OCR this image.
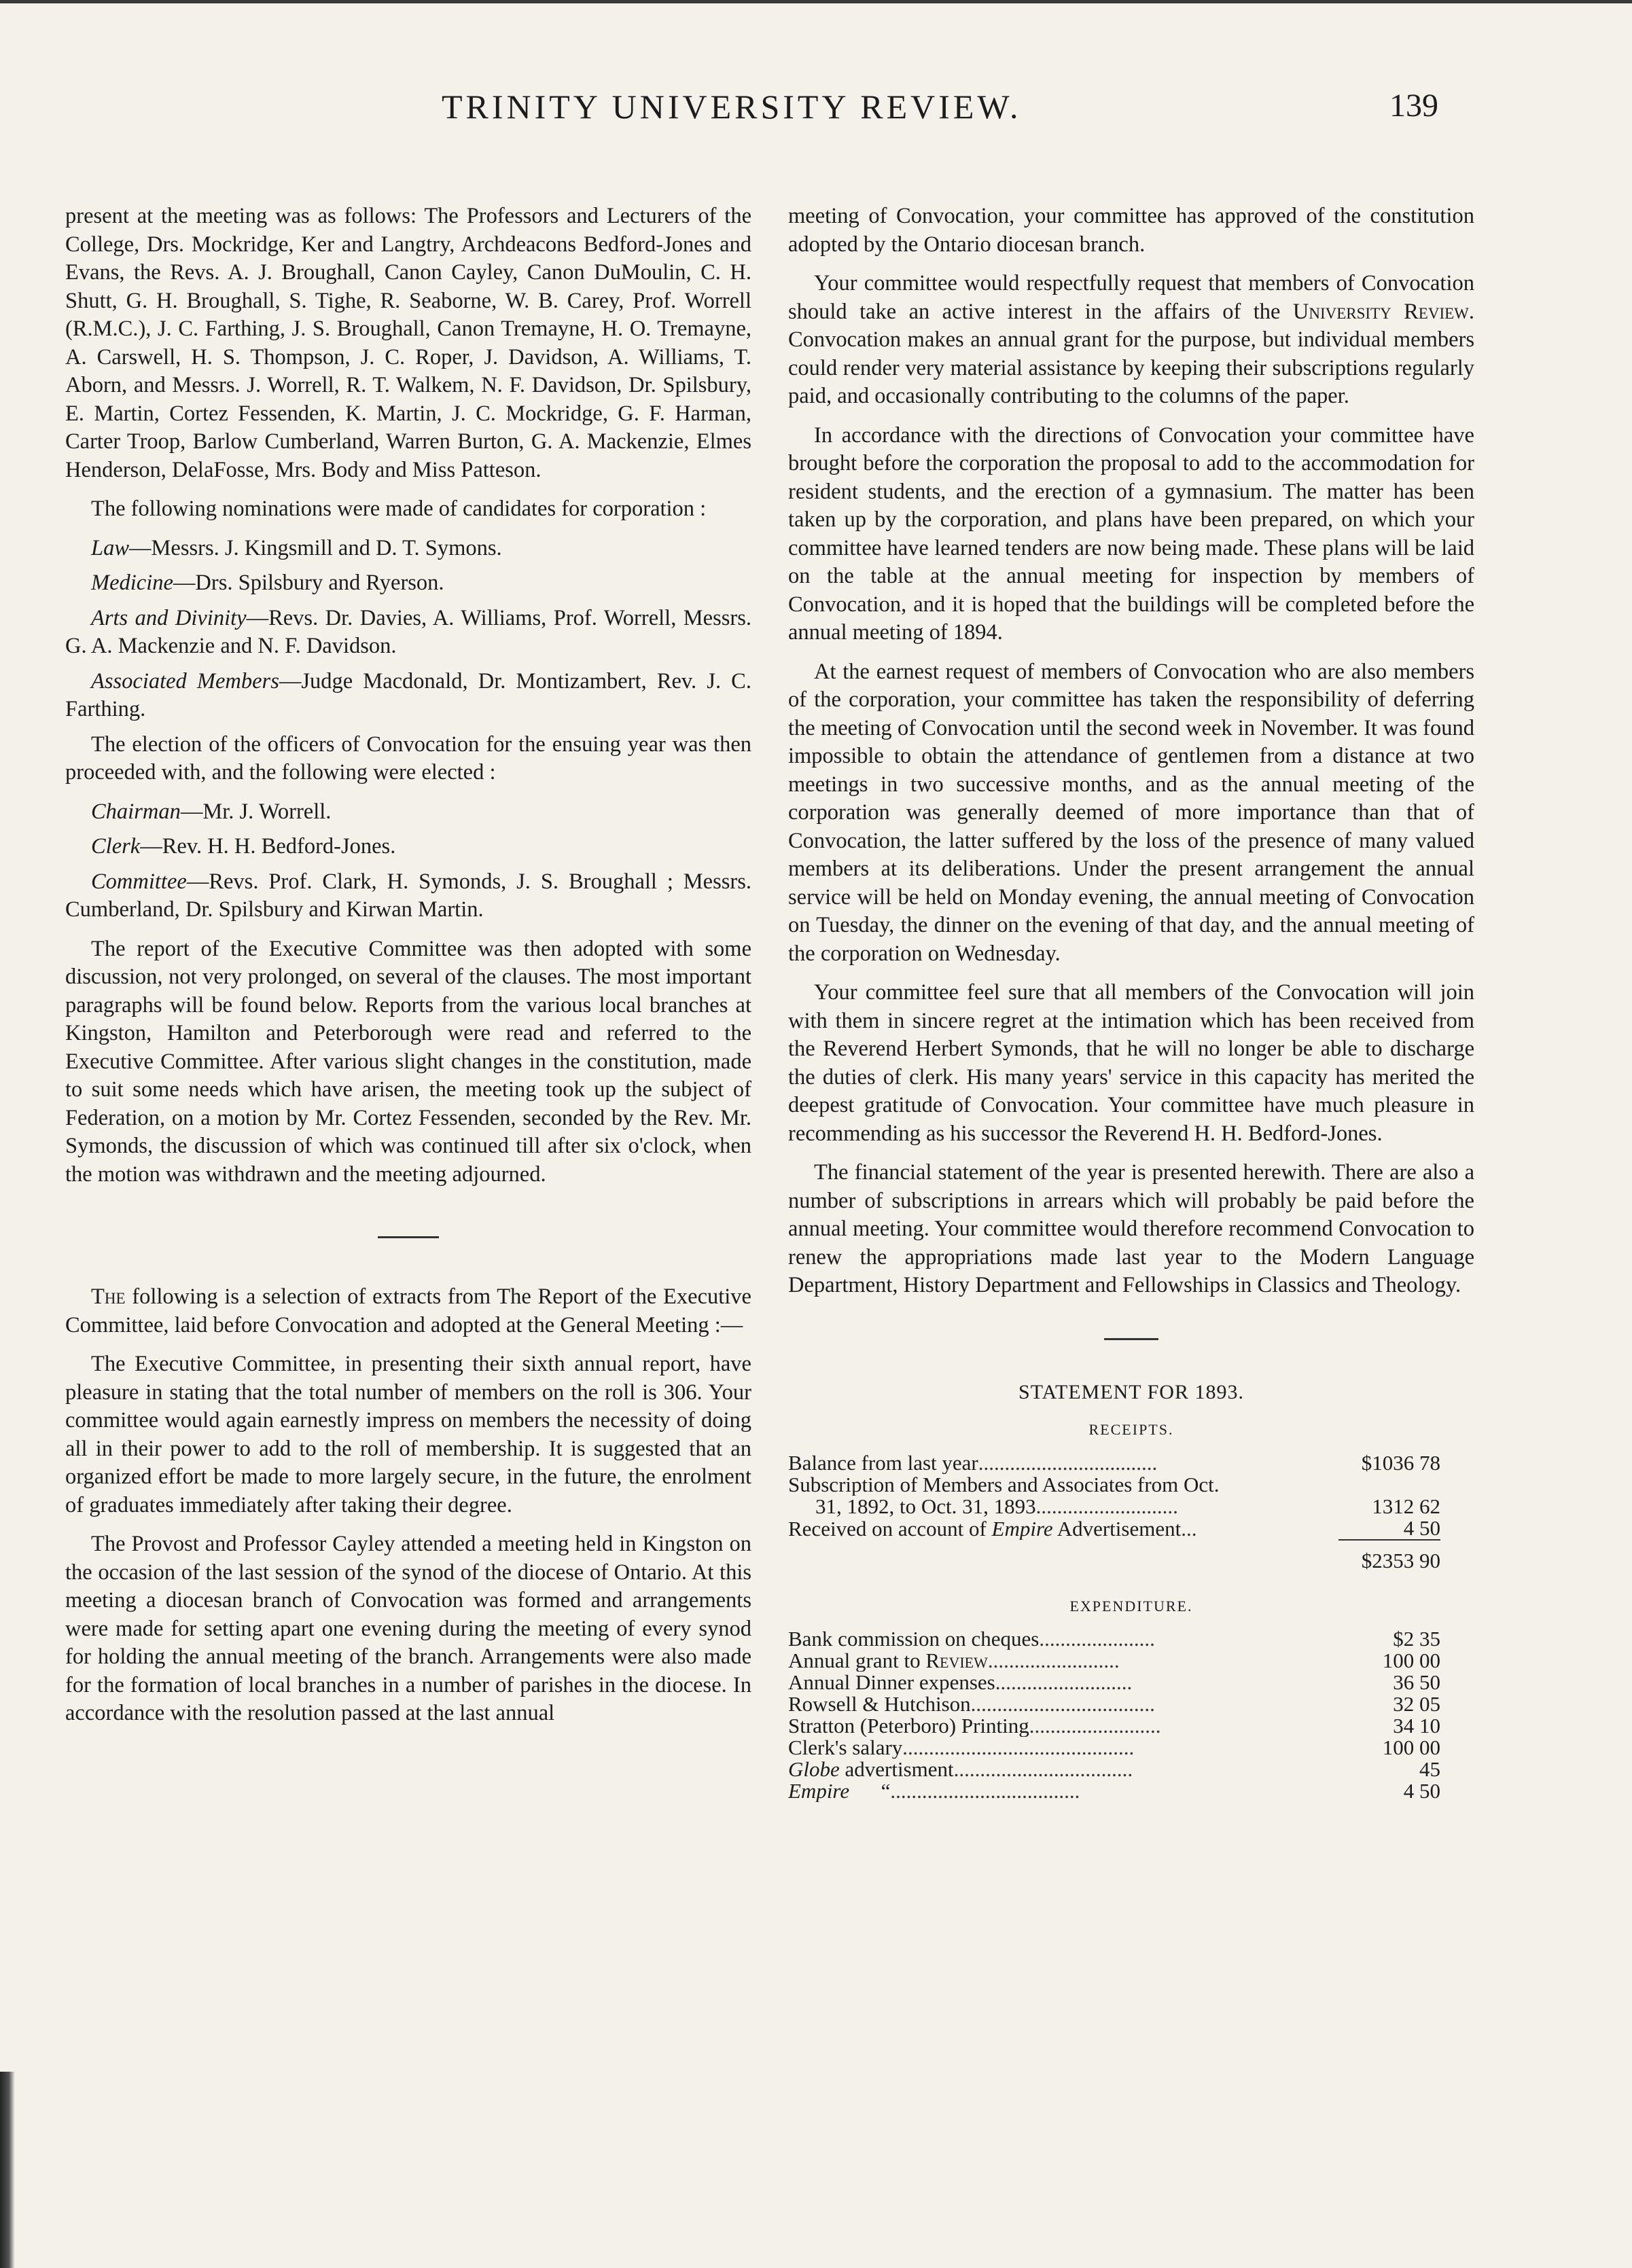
TRINITY UNIVERSITY REVIEW.	139

present at the meeting was as follows: The Professors and Lecturers of the College, Drs. Mockridge, Ker and Langtry, Archdeacons Bedford-Jones and Evans, the Revs. A. J. Broughall, Canon Cayley, Canon DuMoulin, C. H. Shutt, G. H. Broughall, S. Tighe, R. Seaborne, W. B. Carey, Prof. Worrell (R.M.C.), J. C. Farthing, J. S. Broughall, Canon Tremayne, H. O. Tremayne, A. Carswell, H. S. Thompson, J. C. Roper, J. Davidson, A. Williams, T. Aborn, and Messrs. J. Worrell, R. T. Walkem, N. F. Davidson, Dr. Spilsbury, E. Martin, Cortez Fessenden, K. Martin, J. C. Mockridge, G. F. Harman, Carter Troop, Barlow Cumberland, Warren Burton, G. A. Mackenzie, Elmes Henderson, DelaFosse, Mrs. Body and Miss Patteson.

The following nominations were made of candidates for corporation :

Law—Messrs. J. Kingsmill and D. T. Symons.

Medicine—Drs. Spilsbury and Ryerson.

Arts and Divinity—Revs. Dr. Davies, A. Williams, Prof. Worrell, Messrs. G. A. Mackenzie and N. F. Davidson.

Associated Members—Judge Macdonald, Dr. Montizambert, Rev. J. C. Farthing.

The election of the officers of Convocation for the ensuing year was then proceeded with, and the following were elected :

Chairman—Mr. J. Worrell.

Clerk—Rev. H. H. Bedford-Jones.

Committee—Revs. Prof. Clark, H. Symonds, J. S. Broughall ; Messrs. Cumberland, Dr. Spilsbury and Kirwan Martin.

The report of the Executive Committee was then adopted with some discussion, not very prolonged, on several of the clauses. The most important paragraphs will be found below. Reports from the various local branches at Kingston, Hamilton and Peterborough were read and referred to the Executive Committee. After various slight changes in the constitution, made to suit some needs which have arisen, the meeting took up the subject of Federation, on a motion by Mr. Cortez Fessenden, seconded by the Rev. Mr. Symonds, the discussion of which was continued till after six o'clock, when the motion was withdrawn and the meeting adjourned.

The following is a selection of extracts from The Report of the Executive Committee, laid before Convocation and adopted at the General Meeting :—

The Executive Committee, in presenting their sixth annual report, have pleasure in stating that the total number of members on the roll is 306. Your committee would again earnestly impress on members the necessity of doing all in their power to add to the roll of membership. It is suggested that an organized effort be made to more largely secure, in the future, the enrolment of graduates immediately after taking their degree.

The Provost and Professor Cayley attended a meeting held in Kingston on the occasion of the last session of the synod of the diocese of Ontario. At this meeting a diocesan branch of Convocation was formed and arrangements were made for setting apart one evening during the meeting of every synod for holding the annual meeting of the branch. Arrangements were also made for the formation of local branches in a number of parishes in the diocese. In accordance with the resolution passed at the last annual

meeting of Convocation, your committee has approved of the constitution adopted by the Ontario diocesan branch.

Your committee would respectfully request that members of Convocation should take an active interest in the affairs of the University Review. Convocation makes an annual grant for the purpose, but individual members could render very material assistance by keeping their subscriptions regularly paid, and occasionally contributing to the columns of the paper.

In accordance with the directions of Convocation your committee have brought before the corporation the proposal to add to the accommodation for resident students, and the erection of a gymnasium. The matter has been taken up by the corporation, and plans have been prepared, on which your committee have learned tenders are now being made. These plans will be laid on the table at the annual meeting for inspection by members of Convocation, and it is hoped that the buildings will be completed before the annual meeting of 1894.

At the earnest request of members of Convocation who are also members of the corporation, your committee has taken the responsibility of deferring the meeting of Convocation until the second week in November. It was found impossible to obtain the attendance of gentlemen from a distance at two meetings in two successive months, and as the annual meeting of the corporation was generally deemed of more importance than that of Convocation, the latter suffered by the loss of the presence of many valued members at its deliberations. Under the present arrangement the annual service will be held on Monday evening, the annual meeting of Convocation on Tuesday, the dinner on the evening of that day, and the annual meeting of the corporation on Wednesday.

Your committee feel sure that all members of the Convocation will join with them in sincere regret at the intimation which has been received from the Reverend Herbert Symonds, that he will no longer be able to discharge the duties of clerk. His many years' service in this capacity has merited the deepest gratitude of Convocation. Your committee have much pleasure in recommending as his successor the Reverend H. H. Bedford-Jones.

The financial statement of the year is presented herewith. There are also a number of subscriptions in arrears which will probably be paid before the annual meeting. Your committee would therefore recommend Convocation to renew the appropriations made last year to the Modern Language Department, History Department and Fellowships in Classics and Theology.

STATEMENT FOR 1893.
RECEIPTS.
Balance from last year..................................	$1036 78
Subscription of Members and Associates from Oct.	
31, 1892, to Oct. 31, 1893...........................	1312 62
Received on account of Empire Advertisement...	4 50
	$2353 90
EXPENDITURE.
Bank commission on cheques......................	$2 35
Annual grant to Review.........................	100 00
Annual Dinner expenses..........................	36 50
Rowsell & Hutchison...................................	32 05
Stratton (Peterboro) Printing.........................	34 10
Clerk's salary............................................	100 00
Globe advertisment..................................	45
Empire      “....................................	4 50
